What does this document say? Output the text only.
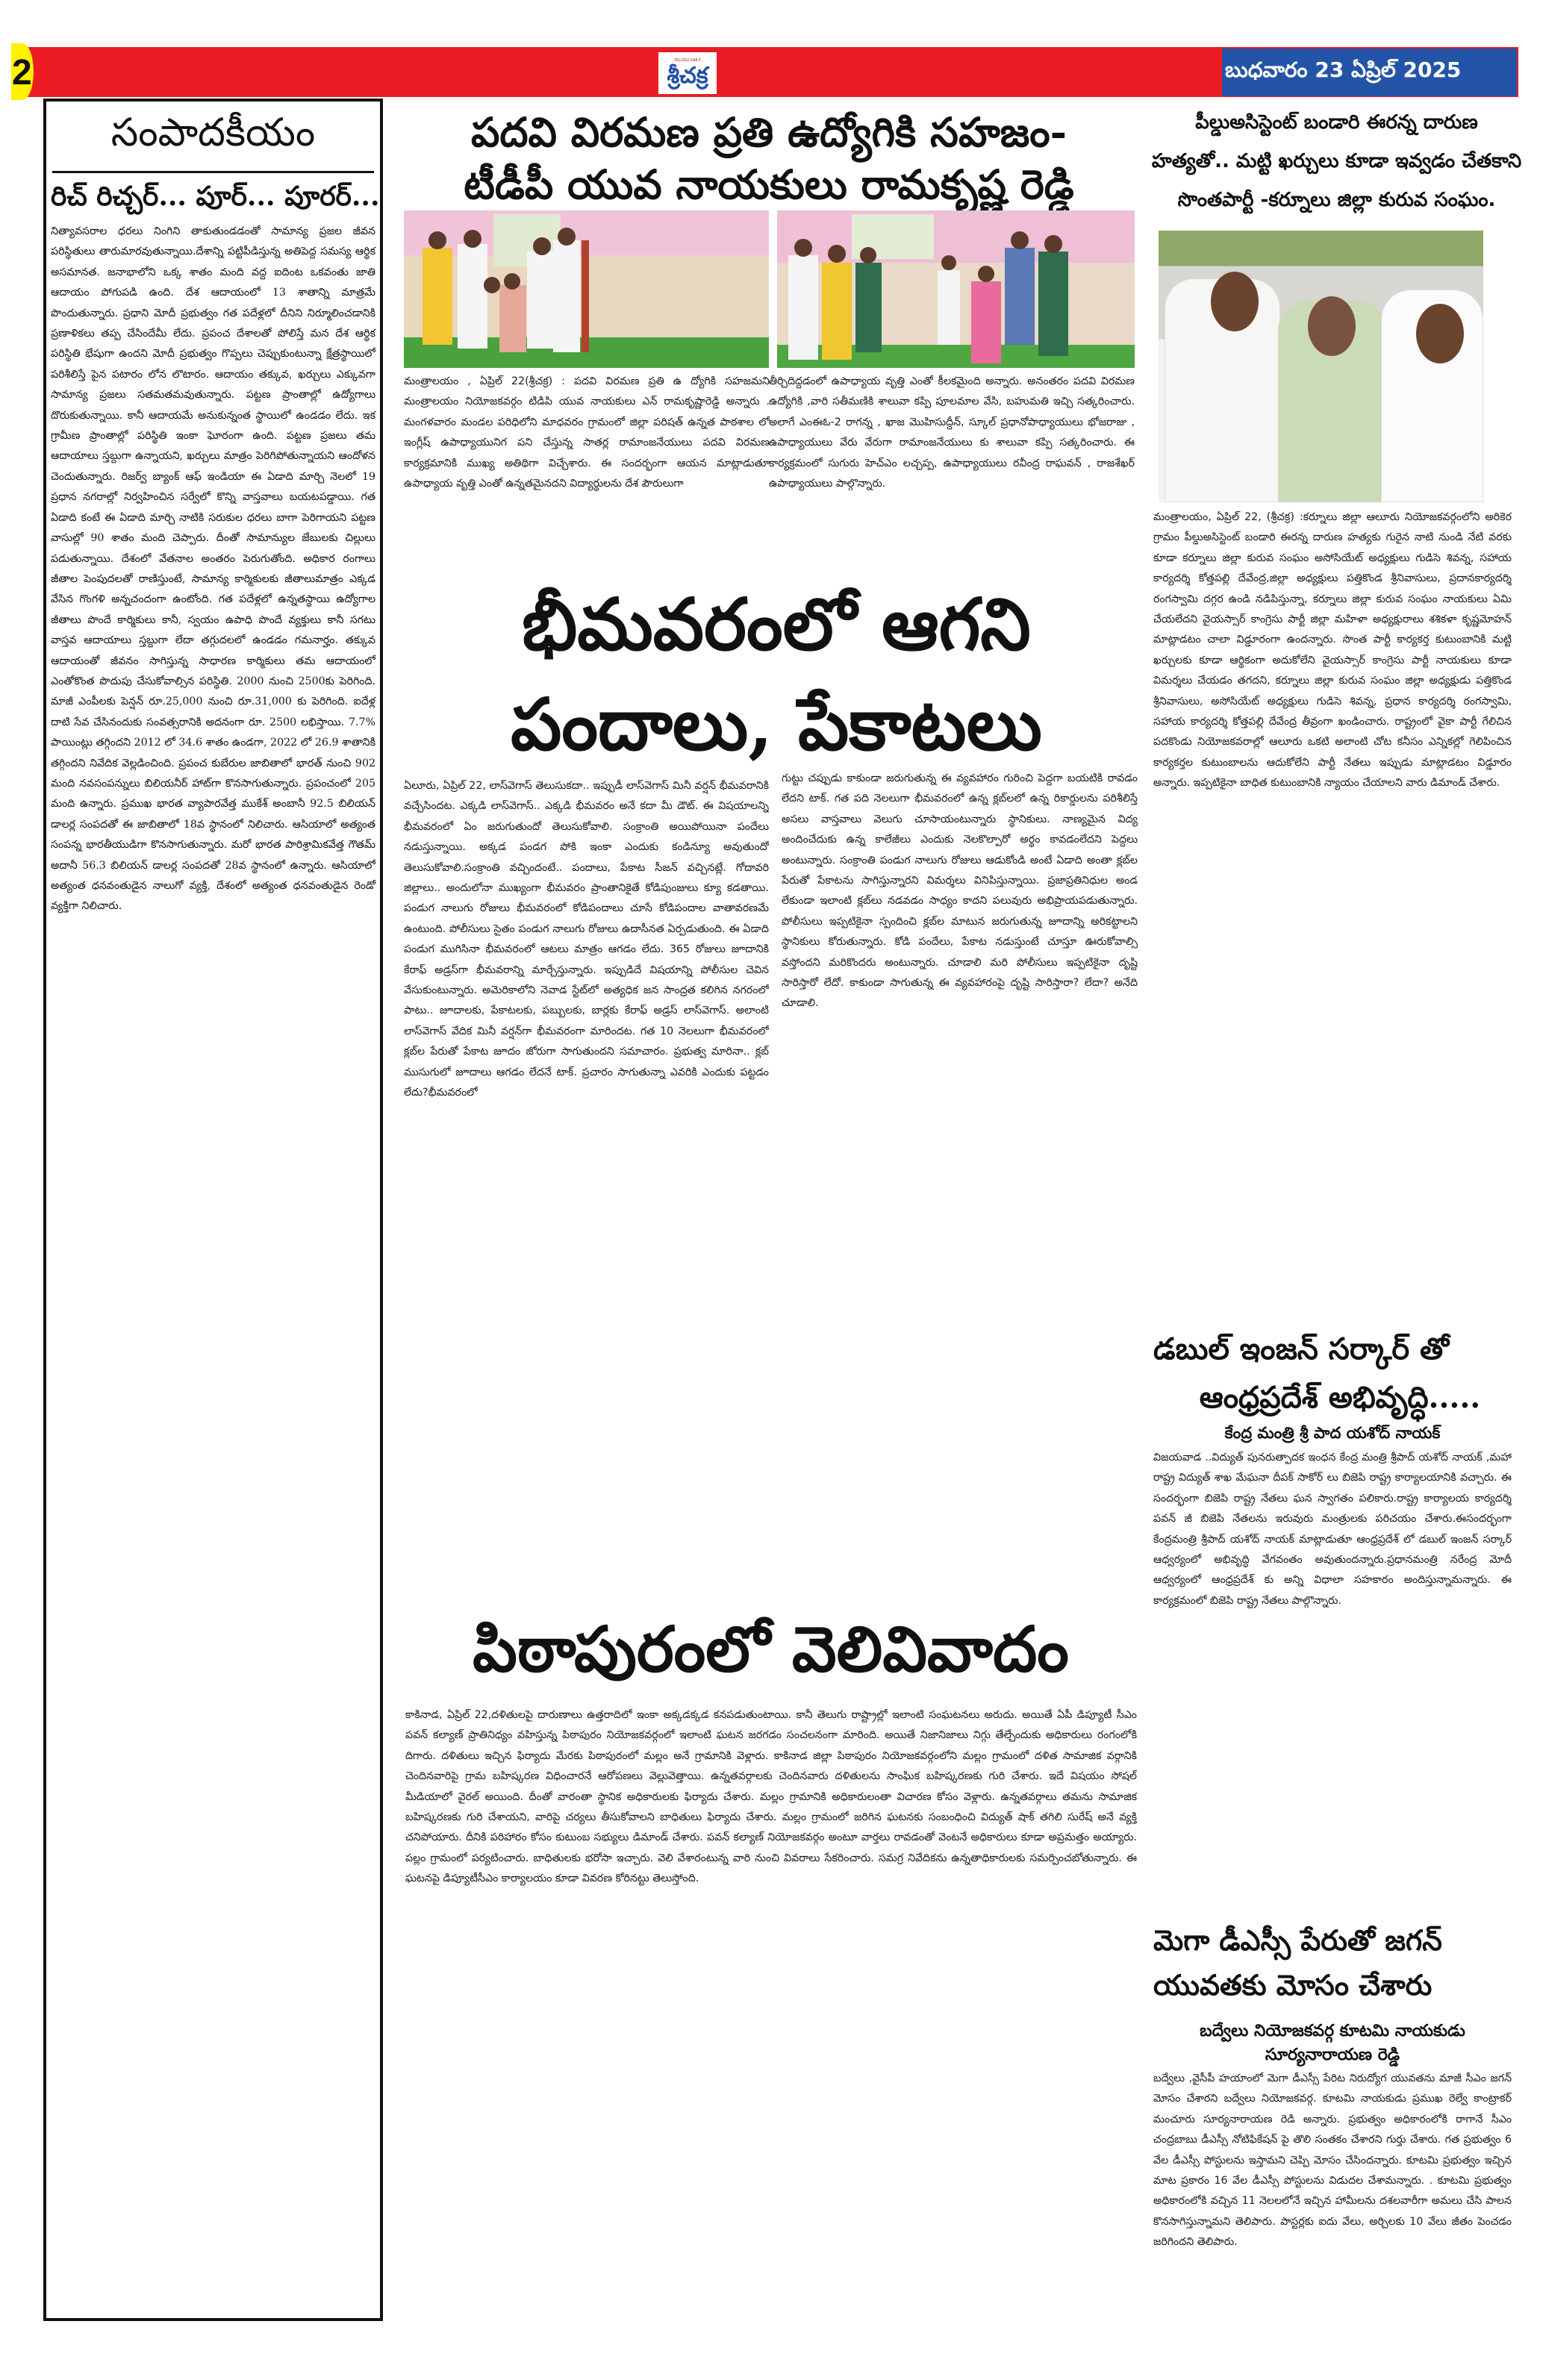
2	TELUGU DAILY
శ్రీచక్ర	బుధవారం 23 ఏప్రిల్ 2025
సంపాదకీయం
రిచ్ రిచ్చర్... పూర్... పూరర్...
నిత్యావసరాల ధరలు నింగిని తాకుతుండడంతో సామాన్య ప్రజల జీవన పరిస్థితులు తారుమారవుతున్నాయి.దేశాన్ని పట్టిపీడిస్తున్న అతిపెద్ద సమస్య ఆర్థిక అసమానత. జనాభాలోని ఒక్క శాతం మంది వద్ద ఐదింట ఒకవంతు జాతి ఆదాయం పోగుపడి ఉంది. దేశ ఆదాయంలో 13 శాతాన్ని మాత్రమే పొందుతున్నారు. ప్రధాని మోదీ ప్రభుత్వం గత పదేళ్లలో దీనిని నిర్మూలించడానికి ప్రణాళికలు తప్ప చేసిందేమీ లేదు. ప్రపంచ దేశాలతో పోలిస్తే మన దేశ ఆర్థిక పరిస్థితి భేషుగా ఉందని మోదీ ప్రభుత్వం గొప్పలు చెప్పుకుంటున్నా క్షేత్రస్థాయిలో పరిశీలిస్తే పైన పటారం లోన లొటారం. ఆదాయం తక్కువ, ఖర్చులు ఎక్కువగా సామాన్య ప్రజలు సతమతమవుతున్నారు. పట్టణ ప్రాంతాల్లో ఉద్యోగాలు దొరుకుతున్నాయి. కానీ ఆదాయమే అనుకున్నంత స్థాయిలో ఉండడం లేదు. ఇక గ్రామీణ ప్రాంతాల్లో పరిస్థితి ఇంకా ఘోరంగా ఉంది. పట్టణ ప్రజలు తమ ఆదాయాలు స్తబ్దుగా ఉన్నాయని, ఖర్చులు మాత్రం పెరిగిపోతున్నాయని ఆందోళన చెందుతున్నారు. రిజర్వ్ బ్యాంక్ ఆఫ్ ఇండియా ఈ ఏడాది మార్చి నెలలో 19 ప్రధాన నగరాల్లో నిర్వహించిన సర్వేలో కొన్ని వాస్తవాలు బయటపడ్డాయి. గత ఏడాది కంటే ఈ ఏడాది మార్చి నాటికి సరుకుల ధరలు బాగా పెరిగాయని పట్టణ వాసుల్లో 90 శాతం మంది చెప్పారు. దీంతో సామాన్యుల జేబులకు చిల్లులు పడుతున్నాయి. దేశంలో వేతనాల అంతరం పెరుగుతోంది. అధికార రంగాలు జీతాల పెంపుదలతో రాణిస్తుంటే, సామాన్య కార్మికులకు జీతాలుమాత్రం ఎక్కడ వేసిన గొంగళి అన్నచందంగా ఉంటోంది. గత పదేళ్లలో ఉన్నతస్థాయి ఉద్యోగాల జీతాలు పొందే కార్మికులు కానీ, స్వయం ఉపాధి పొందే వ్యక్తులు కానీ సగటు వాస్తవ ఆదాయాలు స్తబ్దుగా లేదా తగ్గుదలలో ఉండడం గమనార్హం. తక్కువ ఆదాయంతో జీవనం సాగిస్తున్న సాధారణ కార్మికులు తమ ఆదాయంలో ఎంతోకొంత పొదుపు చేసుకోవాల్సిన పరిస్థితి. 2000 నుంచి 2500కు పెరిగింది. మాజీ ఎంపీలకు పెన్షన్ రూ.25,000 నుంచి రూ.31,000 కు పెరిగింది. ఐదేళ్ల దాటి సేవ చేసినందుకు సంవత్సరానికి అదనంగా రూ. 2500 లభిస్తాయి. 7.7% పాయింట్లు తగ్గిందని 2012 లో 34.6 శాతం ఉండగా, 2022 లో 26.9 శాతానికి తగ్గిందని నివేదిక వెల్లడించింది. ప్రపంచ కుబేరుల జాబితాలో భారత్ నుంచి 902 మంది నవసంపన్నులు బిలియనీర్ హాట్‌గా కొనసాగుతున్నారు. ప్రపంచంలో 205 మంది ఉన్నారు. ప్రముఖ భారత వ్యాపారవేత్త ముకేశ్ అంబానీ 92.5 బిలియన్ డాలర్ల సంపదతో ఈ జాబితాలో 18వ స్థానంలో నిలిచారు. ఆసియాలో అత్యంత సంపన్న భారతీయుడిగా కొనసాగుతున్నారు. మరో భారత పారిశ్రామికవేత్త గౌతమ్ అదానీ 56.3 బిలియన్ డాలర్ల సంపదతో 28వ స్థానంలో ఉన్నారు. ఆసియాలో అత్యంత ధనవంతుడైన నాలుగో వ్యక్తి, దేశంలో అత్యంత ధనవంతుడైన రెండో వ్యక్తిగా నిలిచారు.
పదవి విరమణ ప్రతి ఉద్యోగికి సహజం-
టీడీపీ యువ నాయకులు రామకృష్ణ రెడ్డి
మంత్రాలయం , ఏప్రిల్ 22(శ్రీచక్ర) : పదవి విరమణ ప్రతి ఉ ద్యోగికి సహజమని మంత్రాలయం నియోజకవర్గం టిడిపి యువ నాయకులు ఎన్ రామకృష్ణారెడ్డి అన్నారు . మంగళవారం మండల పరిధిలోని మాధవరం గ్రామంలో జిల్లా పరిషత్ ఉన్నత పాఠశాల లో ఇంగ్లీష్ ఉపాధ్యాయునిగ పని చేస్తున్న సాతర్ల రామాంజనేయులు పదవి విరమణ కార్యక్రమానికి ముఖ్య అతిథిగా విచ్చేశారు. ఈ సందర్భంగా ఆయన మాట్లాడుతూ ఉపాధ్యాయ వృత్తి ఎంతో ఉన్నతమైనదని విద్యార్థులను దేశ పౌరులుగా
తీర్చిదిద్దడంలో ఉపాధ్యాయ వృత్తి ఎంతో కీలకమైంది అన్నారు. అనంతరం పదవి విరమణ ఉద్యోగికి ,వారి సతీమణికి శాలువా కప్పి పూలమాల వేసి, బహుమతి ఇచ్చి సత్కరించారు. అలాగే ఎంఈఓ-2 రాగన్న , ఖాజ మొహిసుద్దీన్, స్కూల్ ప్రధానోపాధ్యాయులు భోజరాజు , ఉపాధ్యాయులు వేరు వేరుగా రామాంజనేయులు కు శాలువా కప్పి సత్కరించారు. ఈ కార్యక్రమంలో సుగురు హెచ్ఎం లచ్చప్ప, ఉపాధ్యాయులు రవీంద్ర రాఘవన్ , రాజశేఖర్ ఉపాధ్యాయులు పాల్గొన్నారు.
భీమవరంలో ఆగని
పందాలు, పేకాటలు
ఏలూరు, ఏప్రిల్ 22, లాస్‌వెగాస్ తెలుసుకదా.. ఇప్పుడీ లాస్‌వెగాస్ మినీ వర్షన్ భీమవరానికి వచ్చేసిందట. ఎక్కడి లాస్‌వెగాస్.. ఎక్కడి భీమవరం అనే కదా మీ డౌట్. ఈ విషయాలన్ని భీమవరంలో ఏం జరుగుతుందో తెలుసుకోవాలి. సంక్రాంతి అయిపోయినా పందేలు నడుస్తున్నాయి. అక్కడ పండగ పోకి ఇంకా ఎందుకు కండిన్యూ అవుతుందో తెలుసుకోవాలి.సంక్రాంతి వచ్చిందంటే.. పందాలు, పేకాట సీజన్ వచ్చినట్లే. గోదావరి జిల్లాలు.. అందులోనా ముఖ్యంగా భీమవరం ప్రాంతానికైతే కోడిపుంజులు క్యూ కడతాయి. పండుగ నాలుగు రోజులు భీమవరంలో కోడిపందాలు చూసే కోడిపందాల వాతావరణమే ఉంటుంది. పోలీసులు సైతం పండుగ నాలుగు రోజులు ఉదాసీనత ఏర్పడుతుంది. ఈ ఏడాది పండుగ ముగిసినా భీమవరంలో ఆటలు మాత్రం ఆగడం లేదు. 365 రోజులు జూదానికి కేరాఫ్ అడ్రస్‌గా భీమవరాన్ని మార్చేస్తున్నారు. ఇప్పుడిదే విషయాన్ని పోలీసుల చెవిన వేసుకుంటున్నారు. అమెరికాలోని నెవాడ స్టేట్‌లో అత్యధిక జన సాంద్రత కలిగిన నగరంలో పాటు.. జూదాలకు, పేకాటలకు, పబ్బులకు, బార్లకు కేరాఫ్ అడ్రస్ లాస్‌వెగాస్. అలాంటి లాస్‌వెగాస్ వేదిక మినీ వర్షన్‌గా భీమవరంగా మారిందట. గత 10 నెలలుగా భీమవరంలో క్లబ్‌ల పేరుతో పేకాట జూదం జోరుగా సాగుతుందని సమాచారం. ప్రభుత్వ మారినా.. క్లబ్ ముసుగులో జూదాలు ఆగడం లేదనే టాక్. ప్రచారం సాగుతున్నా ఎవరికి ఎందుకు పట్టడం లేదు?భీమవరంలో
గుట్టు చప్పుడు కాకుండా జరుగుతున్న ఈ వ్యవహారం గురించి పెద్దగా బయటికి రావడం లేదని టాక్. గత పది నెలలుగా భీమవరంలో ఉన్న క్లబ్‌లలో ఉన్న రికార్డులను పరిశీలిస్తే అసలు వాస్తవాలు వెలుగు చూసాయంటున్నారు స్థానికులు. నాణ్యమైన విద్య అందించేదుకు ఉన్న కాలేజీలు ఎందుకు నెలకొల్పారో అర్థం కావడంలేదని పెద్దలు అంటున్నారు. సంక్రాంతి పండుగ నాలుగు రోజులు ఆడుకోండి అంటే ఏడాది అంతా క్లబ్‌ల పేరుతో పేకాటను సాగిస్తున్నారని విమర్శలు వినిపిస్తున్నాయి. ప్రజాప్రతినిధుల అండ లేకుండా ఇలాంటి క్లబ్‌లు నడవడం సాధ్యం కాదని పలువురు అభిప్రాయపడుతున్నారు. పోలీసులు ఇప్పటికైనా స్పందించి క్లబ్‌ల మాటున జరుగుతున్న జూదాన్ని అరికట్టాలని స్థానికులు కోరుతున్నారు. కోడి పందేలు, పేకాట నడుస్తుంటే చూస్తూ ఊరుకోవాల్సి వస్తోందని మరికొందరు అంటున్నారు. చూడాలి మరి పోలీసులు ఇప్పటికైనా దృష్టి సారిస్తారో లేదో. కాకుండా సాగుతున్న ఈ వ్యవహారంపై దృష్టి సారిస్తారా? లేదా? అనేది చూడాలి.
పిఠాపురంలో వెలివివాదం
కాకినాడ, ఏప్రిల్ 22,దళితులపై దారుణాలు ఉత్తరాదిలో ఇంకా అక్కడక్కడ కనపడుతుంటాయి. కానీ తెలుగు రాష్ట్రాల్లో ఇలాంటి సంఘటనలు అరుదు. అయితే ఏపీ డిప్యూటీ సీఎం పవన్ కల్యాణ్ ప్రాతినిధ్యం వహిస్తున్న పిఠాపురం నియోజకవర్గంలో ఇలాంటి ఘటన జరగడం సంచలనంగా మారింది. అయితే నిజానిజాలు నిగ్గు తేల్చేందుకు అధికారులు రంగంలోకి దిగారు. దళితులు ఇచ్చిన ఫిర్యాదు మేరకు పిఠాపురంలో మల్లం అనే గ్రామానికి వెళ్లారు. కాకినాడ జిల్లా పిఠాపురం నియోజకవర్గంలోని మల్లం గ్రామంలో దళిత సామాజిక వర్గానికి చెందినవారిపై గ్రామ బహిష్కరణ విధించారనే ఆరోపణలు వెల్లువెత్తాయి. ఉన్నతవర్గాలకు చెందినవారు దళితులను సాంఘిక బహిష్కరణకు గురి చేశారు. ఇదే విషయం సోషల్ మీడియాలో వైరల్ అయింది. దీంతో వారంతా స్థానిక అధికారులకు ఫిర్యాదు చేశారు. మల్లం గ్రామానికి అధికారులంతా విచారణ కోసం వెళ్లారు. ఉన్నతవర్గాలు తమను సామాజిక బహిష్కరణకు గురి చేశాయని, వారిపై చర్యలు తీసుకోవాలని బాధితులు ఫిర్యాదు చేశారు. మల్లం గ్రామంలో జరిగిన ఘటనకు సంబంధించి విద్యుత్ షాక్ తగిలి సురేష్ అనే వ్యక్తి చనిపోయారు. దీనికి పరిహారం కోసం కుటుంబ సభ్యులు డిమాండ్ చేశారు. పవన్ కల్యాణ్ నియోజకవర్గం అంటూ వార్తలు రావడంతో వెంటనే అధికారులు కూడా అప్రమత్తం అయ్యారు. పల్లం గ్రామంలో పర్యటించారు. బాధితులకు భరోసా ఇచ్చారు. వెలి వేశారంటున్న వారి నుంచి వివరాలు సేకరించారు. సమగ్ర నివేదికను ఉన్నతాధికారులకు సమర్పించబోతున్నారు. ఈ ఘటనపై డిప్యూటీసీఎం కార్యాలయం కూడా వివరణ కోరినట్టు తెలుస్తోంది.
పీల్డుఅసిస్టెంట్ బండారి ఈరన్న దారుణ
హత్యతో.. మట్టి ఖర్చులు కూడా ఇవ్వడం చేతకాని
సొంతపార్టీ -కర్నూలు జిల్లా కురువ సంఘం.
మంత్రాలయం, ఏప్రిల్ 22, (శ్రీచక్ర) :కర్నూలు జిల్లా ఆలూరు నియోజకవర్గంలోని అరికెర గ్రామం పీల్డుఅసిస్టెంట్ బండారి ఈరన్న దారుణ హత్యకు గురైన నాటి నుండి నేటి వరకు కూడా కర్నూలు జిల్లా కురువ సంఘం అసోసియేట్ అధ్యక్షులు గుడిసె శివన్న, సహాయ కార్యదర్శి కోత్తపల్లి దేవేంద్ర,జిల్లా అధ్యక్షులు పత్తికొండ శ్రీనివాసులు, ప్రదానకార్యదర్శి రంగస్వామి దగ్గర ఉండి నడిపిస్తున్నా, కర్నూలు జిల్లా కురువ సంఘం నాయకులు ఏమి చేయలేదని వైయస్సార్ కాంగ్రెసు పార్టీ జిల్లా మహిళా అధ్యక్షురాలు శశికళా కృష్ణమోహన్ మాట్లాడటం చాలా విడ్డూరంగా ఉందన్నారు. సొంత పార్టీ కార్యకర్త కుటుంబానికి మట్టి ఖర్చులకు కూడా ఆర్థికంగా అదుకోలేని వైయస్సార్ కాంగ్రెసు పార్టీ నాయకులు కూడా విమర్శలు చేయడం తగదని, కర్నూలు జిల్లా కురువ సంఘం జిల్లా అధ్యక్షుడు పత్తికొండ శ్రీనివాసులు, అసోసియేట్ అధ్యక్షులు గుడిసె శివన్న, ప్రధాన కార్యదర్శి రంగస్వామి, సహాయ కార్యదర్శి కోత్తపల్లి దేవేంద్ర తీవ్రంగా ఖండించారు. రాష్ట్రంలో వైకా పార్టీ గేలిచిన పదకొండు నియోజకవరాల్లో ఆలూరు ఒకటి అలాంటి చోట కనీసం ఎన్నికల్లో గెలిపించిన కార్యకర్తల కుటుంబాలను ఆదుకోలేని పార్టీ నేతలు ఇప్పుడు మాట్లాడటం విడ్డూరం అన్నారు. ఇప్పటికైనా బాధిత కుటుంబానికి న్యాయం చేయాలని వారు డిమాండ్ చేశారు.
డబుల్ ఇంజన్ సర్కార్ తో
ఆంధ్రప్రదేశ్ అభివృద్ధి.....
కేంద్ర మంత్రి శ్రీ పాద యశోద్ నాయక్
విజయవాడ ..విద్యుత్ పునరుత్పాదక ఇంధన కేంద్ర మంత్రి శ్రీపాద్ యశోద్ నాయక్ ,మహా రాష్ట్ర విద్యుత్ శాఖ మేఘనా దీపక్ సాకోర్ లు బిజెపి రాష్ట్ర కార్యాలయానికి వచ్చారు. ఈ సందర్భంగా బిజెపి రాష్ట్ర నేతలు ఘన స్వాగతం పలికారు.రాష్ట్ర కార్యాలయ కార్యదర్శి పవన్ జీ బిజెపి నేతలను ఇరువురు మంత్రులకు పరిచయం చేశారు.ఈసందర్భంగా కేంద్రమంత్రి శ్రీపాద్ యశోద్ నాయక్ మాట్లాడుతూ ఆంధ్రప్రదేశ్ లో డబుల్ ఇంజన్ సర్కార్ ఆధ్వర్యంలో అభివృద్ధి వేగవంతం అవుతుందన్నారు.ప్రధానమంత్రి నరేంద్ర మోదీ ఆధ్వర్యంలో ఆంధ్రప్రదేశ్ కు అన్ని విధాలా సహకారం అందిస్తున్నామన్నారు. ఈ కార్యక్రమంలో బిజెపి రాష్ట్ర నేతలు పాల్గొన్నారు.
మెగా డీఎస్సీ పేరుతో జగన్
యువతకు మోసం చేశారు
బద్వేలు నియోజకవర్గ కూటమి నాయకుడు
సూర్యనారాయణ రెడ్డి
బద్వేలు ,వైసీపీ హయాంలో మెగా డీఎస్సీ పేరిట నిరుద్యోగ యువతను మాజీ సీఎం జగన్ మోసం చేశారని బద్వేలు నియోజకవర్గ. కూటమి నాయకుడు ప్రముఖ రెల్వే కాంట్రాకర్ మంచూరు సూర్యనారాయణ రెడి అన్నారు. ప్రభుత్వం అధికారంలోకి రాగానే సీఎం చంద్రబాబు డీఎస్సీ నోటిఫికేషన్ పై తొలి సంతకం చేశారని గుర్తు చేశారు. గత ప్రభుత్వం 6 వేల డీఎస్సీ పోస్టులను ఇస్తామని చెప్పి మోసం చేసిందన్నారు. కూటమి ప్రభుత్వం ఇచ్చిన మాట ప్రకారం 16 వేల డీఎస్సీ పోస్టులను విడుదల చేశామన్నారు. . కూటమి ప్రభుత్వం అధికారంలోకి వచ్చిన 11 నెలలలోనే ఇచ్చిన హామీలను దశలవారీగా అమలు చేసి పాలన కొనసాగిస్తున్నామని తెలిపారు. పాస్టర్లకు ఐదు వేలు, అర్చిలకు 10 వేలు జీతం పెంచడం జరిగిందని తెలిపారు.
